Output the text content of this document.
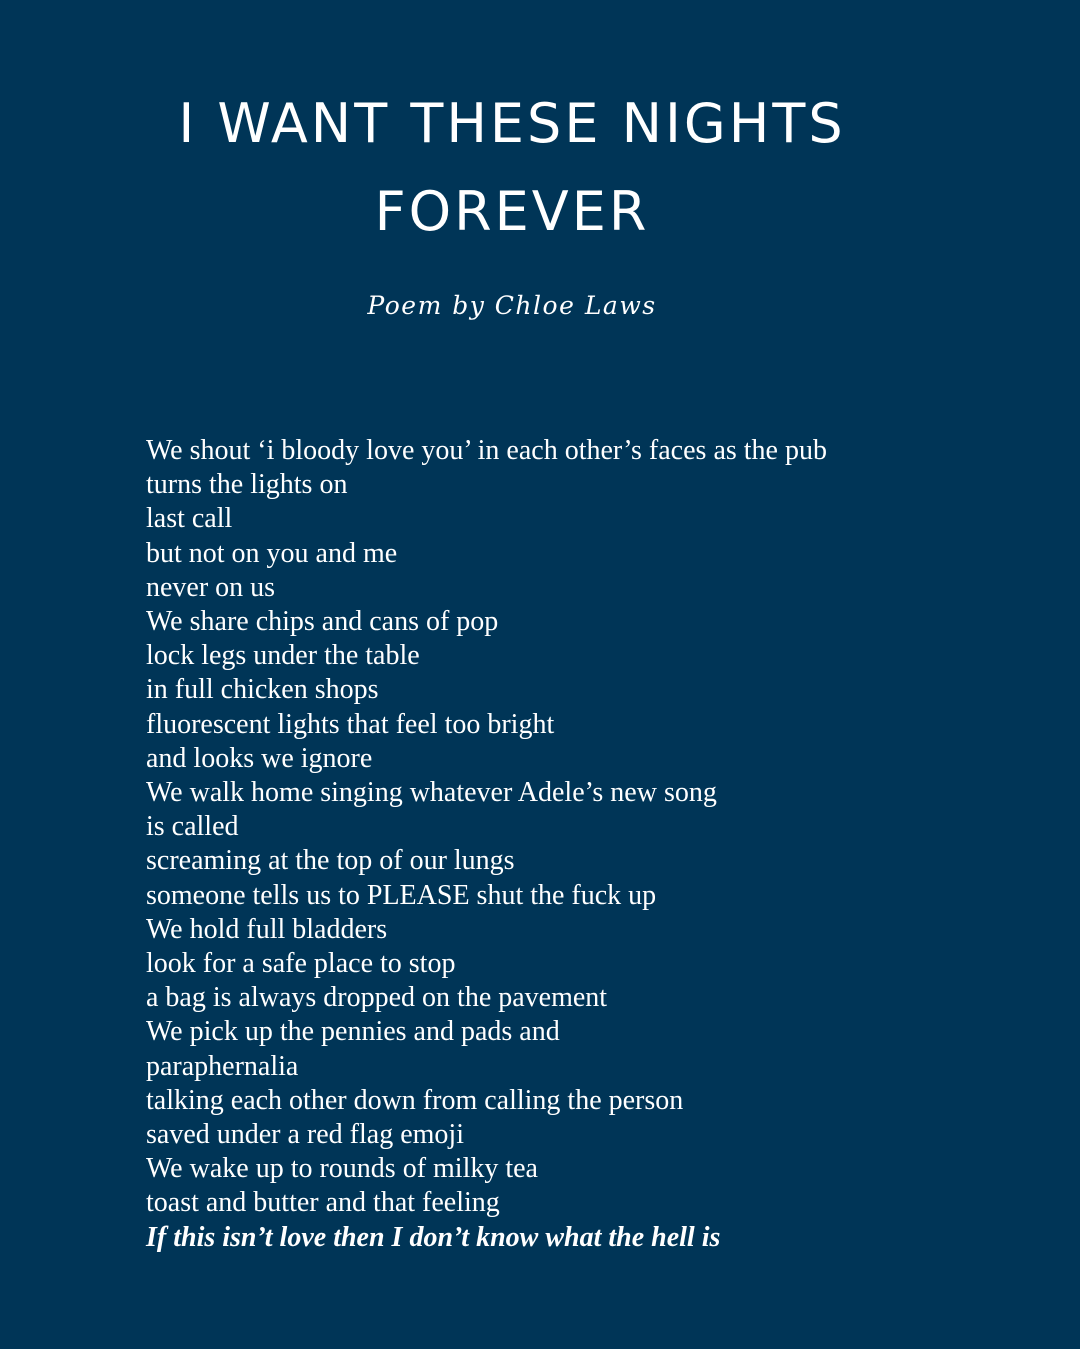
I WANT THESE NIGHTS
FOREVER
Poem by Chloe Laws
We shout ‘i bloody love you’ in each other’s faces as the pub
turns the lights on
last call
but not on you and me
never on us
We share chips and cans of pop
lock legs under the table
in full chicken shops
fluorescent lights that feel too bright
and looks we ignore
We walk home singing whatever Adele’s new song
is called
screaming at the top of our lungs
someone tells us to PLEASE shut the fuck up
We hold full bladders
look for a safe place to stop
a bag is always dropped on the pavement
We pick up the pennies and pads and
paraphernalia
talking each other down from calling the person
saved under a red flag emoji
We wake up to rounds of milky tea
toast and butter and that feeling
If this isn’t love then I don’t know what the hell is
